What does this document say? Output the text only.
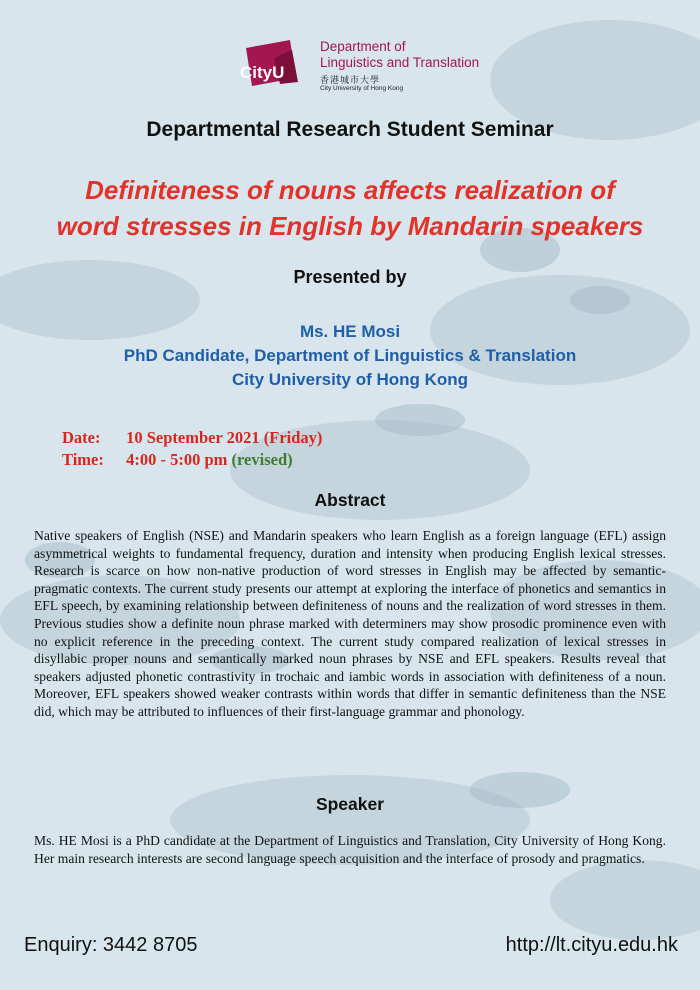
CityU
Department of
Linguistics and Translation
香港城市大學
City University of Hong Kong
Departmental Research Student Seminar
Definiteness of nouns affects realization of
word stresses in English by Mandarin speakers
Presented by
Ms. HE Mosi
PhD Candidate, Department of Linguistics & Translation
City University of Hong Kong
Date: 10 September 2021 (Friday)
Time: 4:00 - 5:00 pm (revised)
Abstract
Native speakers of English (NSE) and Mandarin speakers who learn English as a foreign language (EFL) assign asymmetrical weights to fundamental frequency, duration and intensity when producing English lexical stresses. Research is scarce on how non-native production of word stresses in English may be affected by semantic-pragmatic contexts. The current study presents our attempt at exploring the interface of phonetics and semantics in EFL speech, by examining relationship between definiteness of nouns and the realization of word stresses in them. Previous studies show a definite noun phrase marked with determiners may show prosodic prominence even with no explicit reference in the preceding context. The current study compared realization of lexical stresses in disyllabic proper nouns and semantically marked noun phrases by NSE and EFL speakers. Results reveal that speakers adjusted phonetic contrastivity in trochaic and iambic words in association with definiteness of a noun. Moreover, EFL speakers showed weaker contrasts within words that differ in semantic definiteness than the NSE did, which may be attributed to influences of their first-language grammar and phonology.
Speaker
Ms. HE Mosi is a PhD candidate at the Department of Linguistics and Translation, City University of Hong Kong. Her main research interests are second language speech acquisition and the interface of prosody and pragmatics.
Enquiry: 3442 8705	http://lt.cityu.edu.hk
